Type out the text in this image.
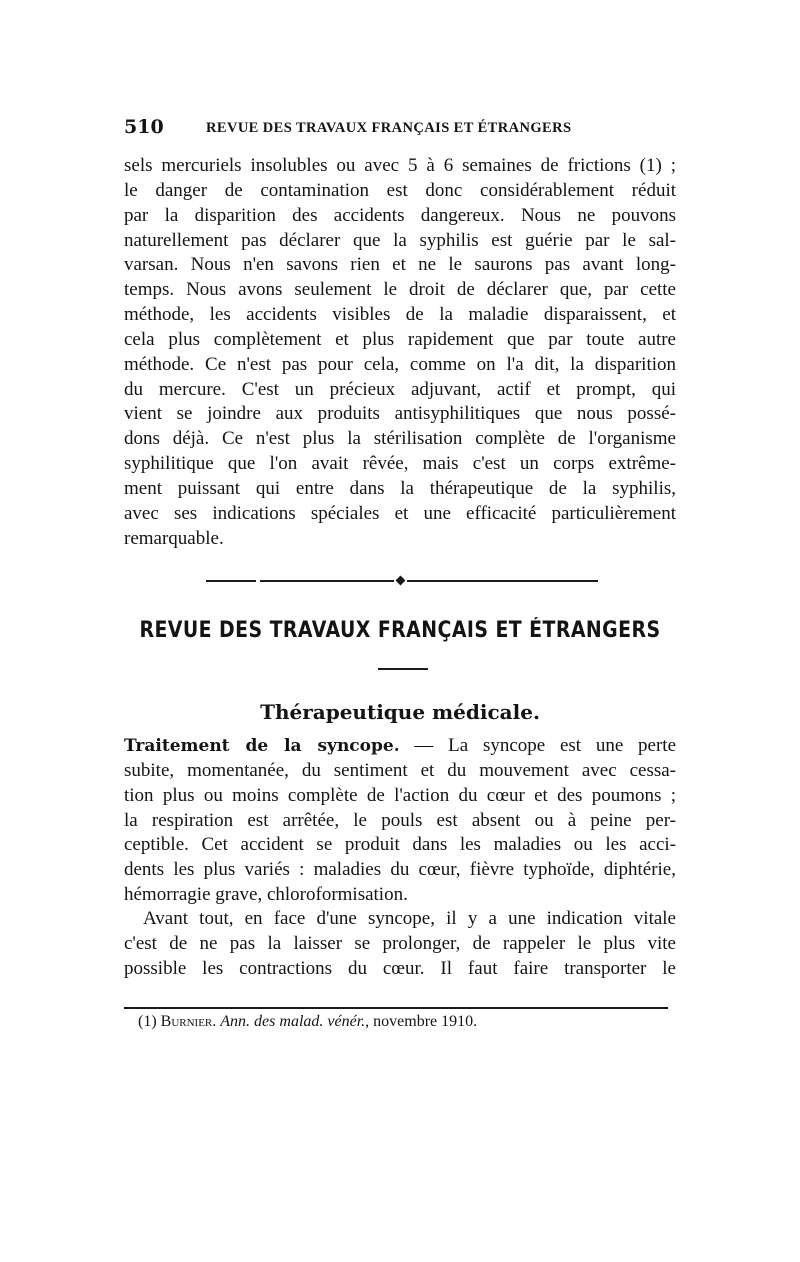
510	REVUE DES TRAVAUX FRANÇAIS ET ÉTRANGERS
sels mercuriels insolubles ou avec 5 à 6 semaines de frictions (1) ;
le danger de contamination est donc considérablement réduit
par la disparition des accidents dangereux. Nous ne pouvons
naturellement pas déclarer que la syphilis est guérie par le sal-
varsan. Nous n'en savons rien et ne le saurons pas avant long-
temps. Nous avons seulement le droit de déclarer que, par cette
méthode, les accidents visibles de la maladie disparaissent, et
cela plus complètement et plus rapidement que par toute autre
méthode. Ce n'est pas pour cela, comme on l'a dit, la disparition
du mercure. C'est un précieux adjuvant, actif et prompt, qui
vient se joindre aux produits antisyphilitiques que nous possé-
dons déjà. Ce n'est plus la stérilisation complète de l'organisme
syphilitique que l'on avait rêvée, mais c'est un corps extrême-
ment puissant qui entre dans la thérapeutique de la syphilis,
avec ses indications spéciales et une efficacité particulièrement
remarquable.
REVUE DES TRAVAUX FRANÇAIS ET ÉTRANGERS
Thérapeutique médicale.
Traitement de la syncope. — La syncope est une perte
subite, momentanée, du sentiment et du mouvement avec cessa-
tion plus ou moins complète de l'action du cœur et des poumons ;
la respiration est arrêtée, le pouls est absent ou à peine per-
ceptible. Cet accident se produit dans les maladies ou les acci-
dents les plus variés : maladies du cœur, fièvre typhoïde, diphtérie,
hémorragie grave, chloroformisation.
Avant tout, en face d'une syncope, il y a une indication vitale
c'est de ne pas la laisser se prolonger, de rappeler le plus vite
possible les contractions du cœur. Il faut faire transporter le
(1) Burnier. Ann. des malad. vénér., novembre 1910.
